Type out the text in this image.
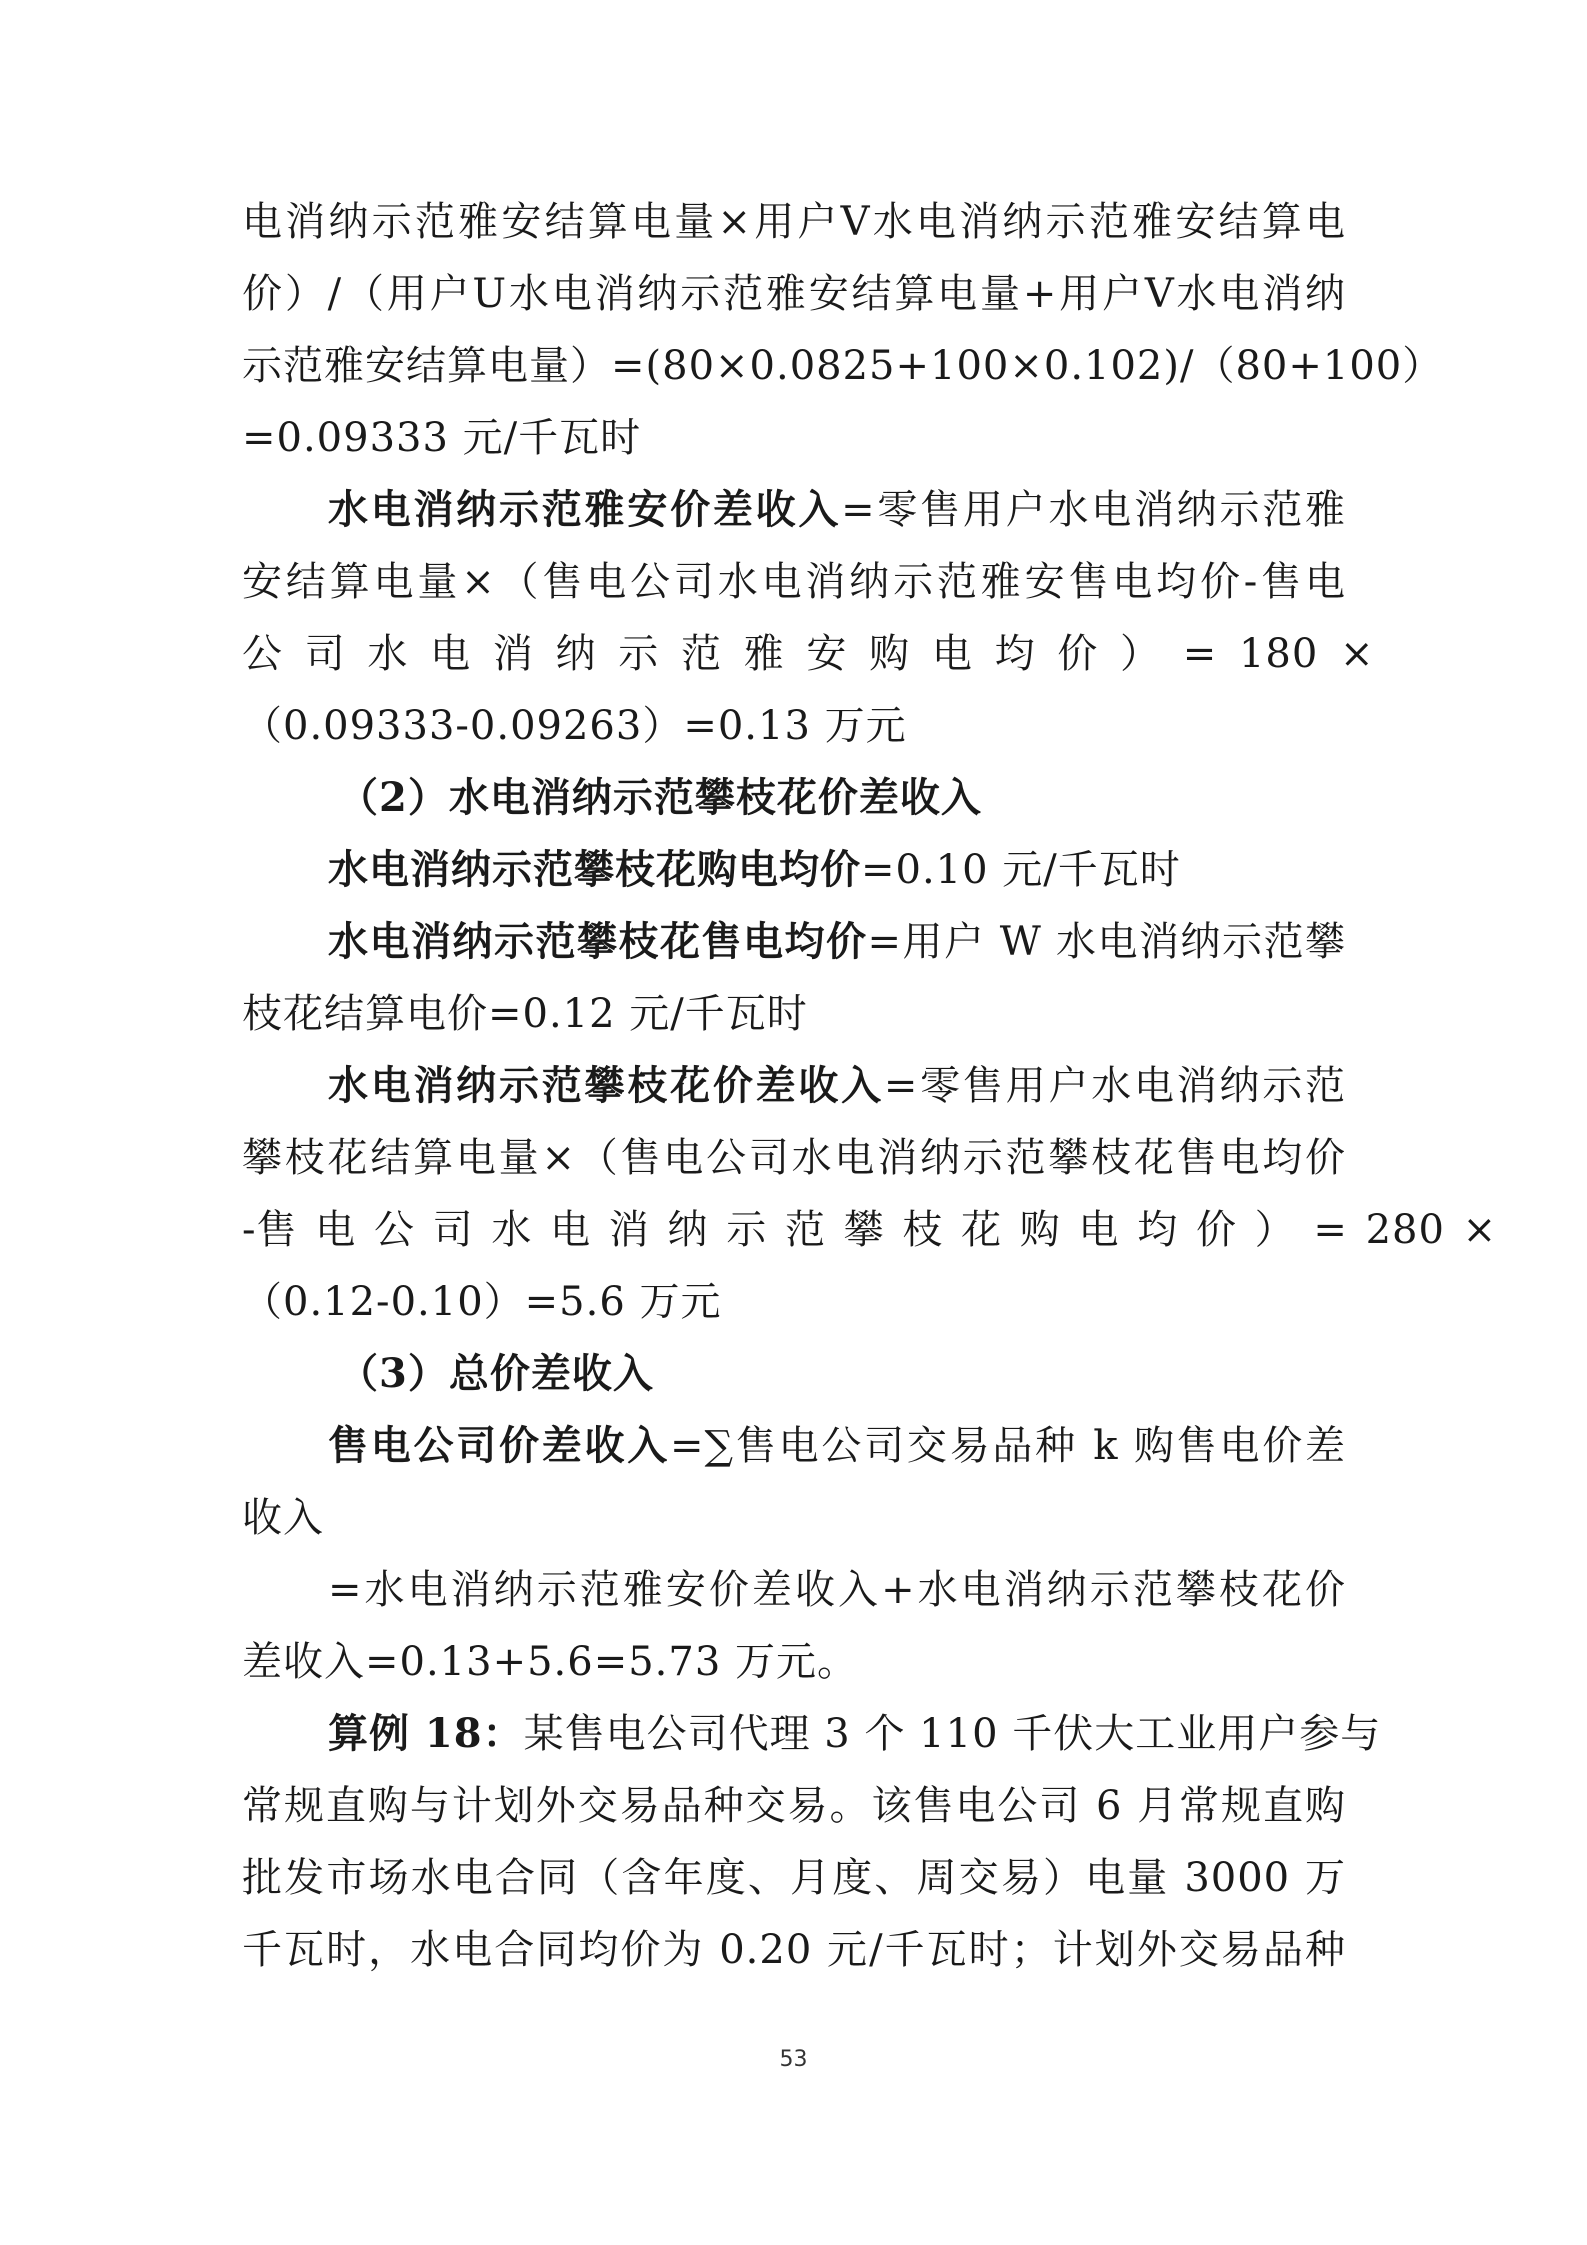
电消纳示范雅安结算电量×用户V水电消纳示范雅安结算电
价）/（用户U水电消纳示范雅安结算电量+用户V水电消纳
示范雅安结算电量）=(80×0.0825+100×0.102)/（80+100）
=0.09333 元/千瓦时
水电消纳示范雅安价差收入=零售用户水电消纳示范雅
安结算电量×（售电公司水电消纳示范雅安售电均价-售电
公 司 水 电 消 纳 示 范 雅 安 购 电 均 价 ） = 180 ×
（0.09333-0.09263）=0.13 万元
（2）水电消纳示范攀枝花价差收入
水电消纳示范攀枝花购电均价=0.10 元/千瓦时
水电消纳示范攀枝花售电均价=用户 W 水电消纳示范攀
枝花结算电价=0.12 元/千瓦时
水电消纳示范攀枝花价差收入=零售用户水电消纳示范
攀枝花结算电量×（售电公司水电消纳示范攀枝花售电均价
-售 电 公 司 水 电 消 纳 示 范 攀 枝 花 购 电 均 价 ） = 280 ×
（0.12-0.10）=5.6 万元
（3）总价差收入
售电公司价差收入=∑售电公司交易品种 k 购售电价差
收入
=水电消纳示范雅安价差收入+水电消纳示范攀枝花价
差收入=0.13+5.6=5.73 万元。
算例 18：某售电公司代理 3 个 110 千伏大工业用户参与
常规直购与计划外交易品种交易。该售电公司 6 月常规直购
批发市场水电合同（含年度、月度、周交易）电量 3000 万
千瓦时，水电合同均价为 0.20 元/千瓦时；计划外交易品种
53
